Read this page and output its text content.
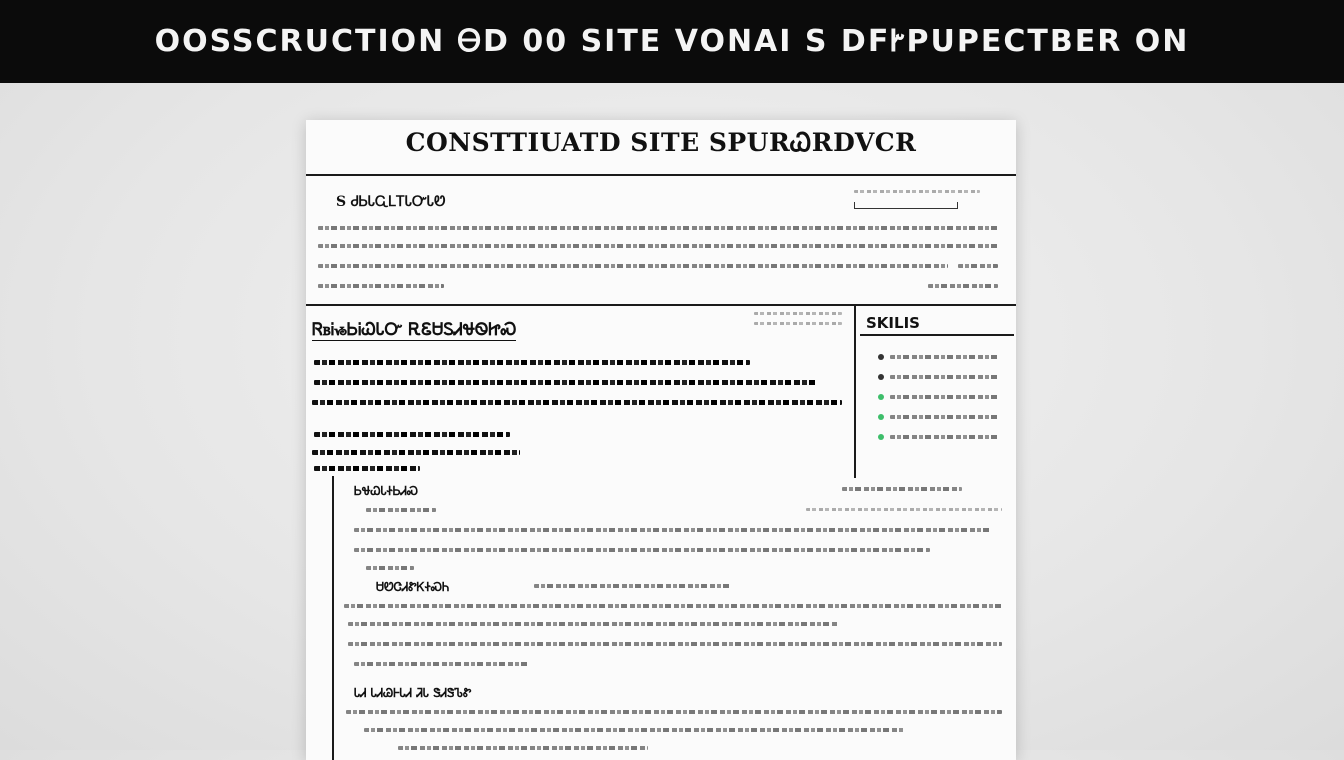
OOSSCRUCTION ᎾD 00 SITE VONAI S DFᎨPUPECTBER ON
CONSTTIUATD SITE SPURᏇRDVCR
S ᏧᏏᏓᏩᏞᎢᏓᏅᏓᏬ
ᏒᏼᎥᏹᏏᎥᏇᏓᏅ ᎡᏋᏌᏚᏗᏠᏫᏥᏍ	SKILIS
ᏏᏠᏇᏓᏐᏏᏗᏍ
ᏌᏬᏣᏗᏑᏦᏐᏍᏂ
ᏓᏗ ᏓᏗᏊᎰᏓᏗ ᏘᏓ ᏕᏗᏕᏖᏑ
